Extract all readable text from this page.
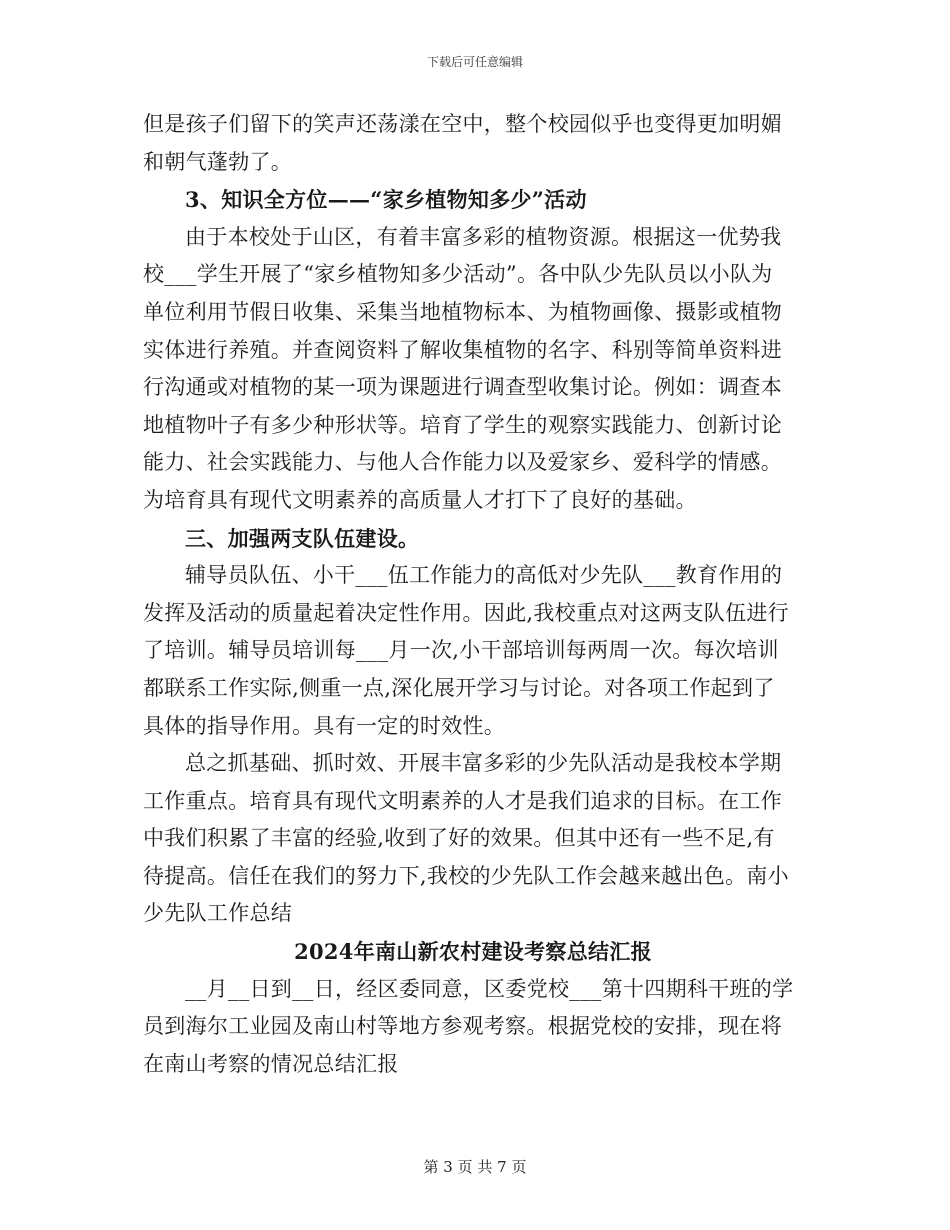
下载后可任意编辑
但是孩子们留下的笑声还荡漾在空中，整个校园似乎也变得更加明媚
和朝气蓬勃了。
3、知识全方位——“家乡植物知多少”活动
由于本校处于山区，有着丰富多彩的植物资源。根据这一优势我
校___学生开展了“家乡植物知多少活动”。各中队少先队员以小队为
单位利用节假日收集、采集当地植物标本、为植物画像、摄影或植物
实体进行养殖。并查阅资料了解收集植物的名字、科别等简单资料进
行沟通或对植物的某一项为课题进行调查型收集讨论。例如：调查本
地植物叶子有多少种形状等。培育了学生的观察实践能力、创新讨论
能力、社会实践能力、与他人合作能力以及爱家乡、爱科学的情感。
为培育具有现代文明素养的高质量人才打下了良好的基础。
三、加强两支队伍建设。
辅导员队伍、小干___伍工作能力的高低对少先队___教育作用的
发挥及活动的质量起着决定性作用。因此,我校重点对这两支队伍进行
了培训。辅导员培训每___月一次,小干部培训每两周一次。每次培训
都联系工作实际,侧重一点,深化展开学习与讨论。对各项工作起到了
具体的指导作用。具有一定的时效性。
总之抓基础、抓时效、开展丰富多彩的少先队活动是我校本学期
工作重点。培育具有现代文明素养的人才是我们追求的目标。在工作
中我们积累了丰富的经验,收到了好的效果。但其中还有一些不足,有
待提高。信任在我们的努力下,我校的少先队工作会越来越出色。南小
少先队工作总结
2024年南山新农村建设考察总结汇报
__月__日到__日，经区委同意，区委党校___第十四期科干班的学
员到海尔工业园及南山村等地方参观考察。根据党校的安排，现在将
在南山考察的情况总结汇报
第 3 页 共 7 页
